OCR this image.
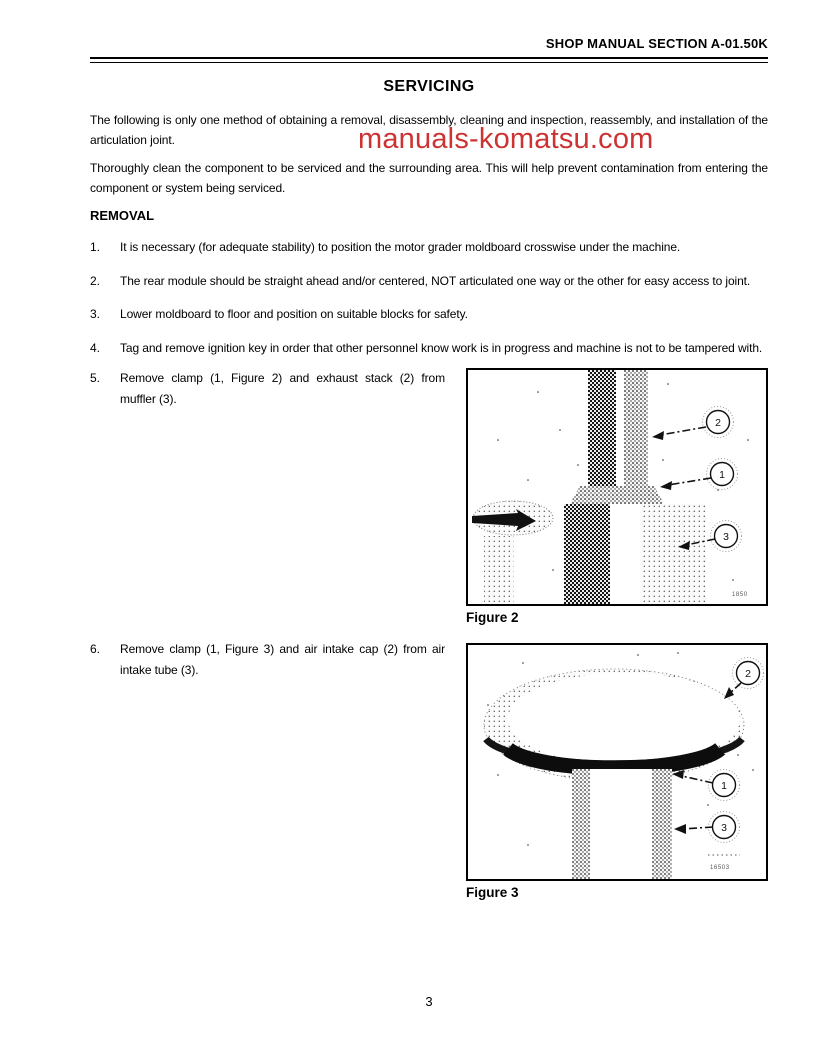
SHOP MANUAL SECTION A-01.50K
SERVICING
The following is only one method of obtaining a removal, disassembly, cleaning and inspection, reassembly, and installation of the articulation joint.
Thoroughly clean the component to be serviced and the surrounding area. This will help prevent contamination from entering the component or system being serviced.
REMOVAL
1.	It is necessary (for adequate stability) to position the motor grader moldboard crosswise under the machine.
2.	The rear module should be straight ahead and/or centered, NOT articulated one way or the other for easy access to joint.
3.	Lower moldboard to floor and position on suitable blocks for safety.
4.	Tag and remove ignition key in order that other personnel know work is in progress and machine is not to be tampered with.
5.	Remove clamp (1, Figure 2) and exhaust stack (2) from muffler (3).
2
1
3
1850
Figure 2
6.	Remove clamp (1, Figure 3) and air intake cap (2) from air intake tube (3).	2
1
3
16503
Figure 3
manuals-komatsu.com
3
